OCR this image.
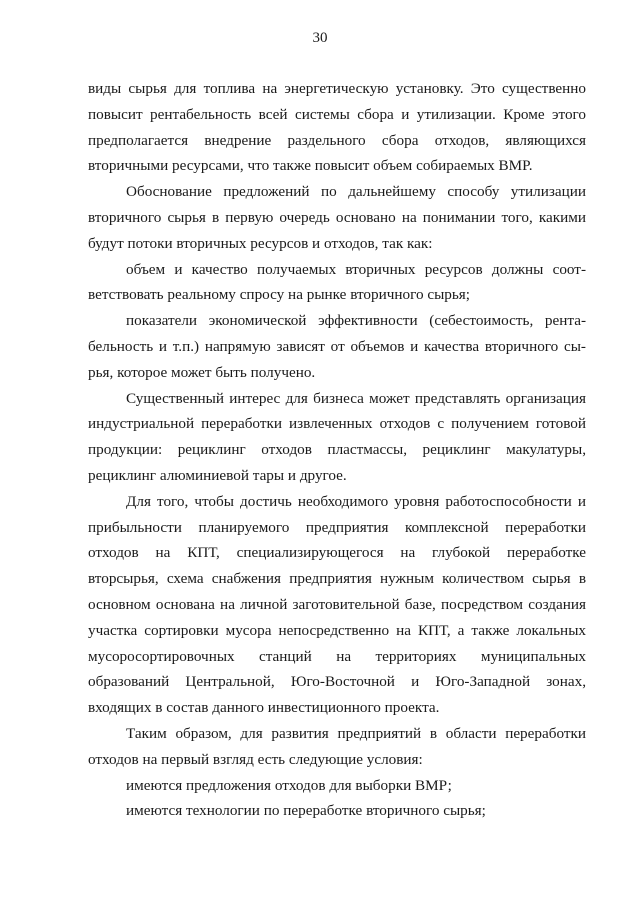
30

виды сырья для топлива на энергетическую установку. Это существенно
повысит рентабельность всей системы сбора и утилизации. Кроме этого
предполагается внедрение раздельного сбора отходов, являющихся
вторичными ресурсами, что также повысит объем собираемых ВМР.

Обоснование предложений по дальнейшему способу утилизации
вторичного сырья в первую очередь основано на понимании того, какими
будут потоки вторичных ресурсов и отходов, так как:

объем и качество получаемых вторичных ресурсов должны соот-
ветствовать реальному спросу на рынке вторичного сырья;

показатели экономической эффективности (себестоимость, рента-
бельность и т.п.) напрямую зависят от объемов и качества вторичного сы-
рья, которое может быть получено.

Существенный интерес для бизнеса может представлять организация
индустриальной переработки извлеченных отходов с получением готовой
продукции: рециклинг отходов пластмассы, рециклинг макулатуры,
рециклинг алюминиевой тары и другое.

Для того, чтобы достичь необходимого уровня работоспособности и
прибыльности планируемого предприятия комплексной переработки
отходов на КПТ, специализирующегося на глубокой переработке
вторсырья, схема снабжения предприятия нужным количеством сырья в
основном основана на личной заготовительной базе, посредством создания
участка сортировки мусора непосредственно на КПТ, а также локальных
мусоросортировочных станций на территориях муниципальных
образований Центральной, Юго-Восточной и Юго-Западной зонах,
входящих в состав данного инвестиционного проекта.

Таким образом, для развития предприятий в области переработки
отходов на первый взгляд есть следующие условия:

имеются предложения отходов для выборки ВМР;

имеются технологии по переработке вторичного сырья;
